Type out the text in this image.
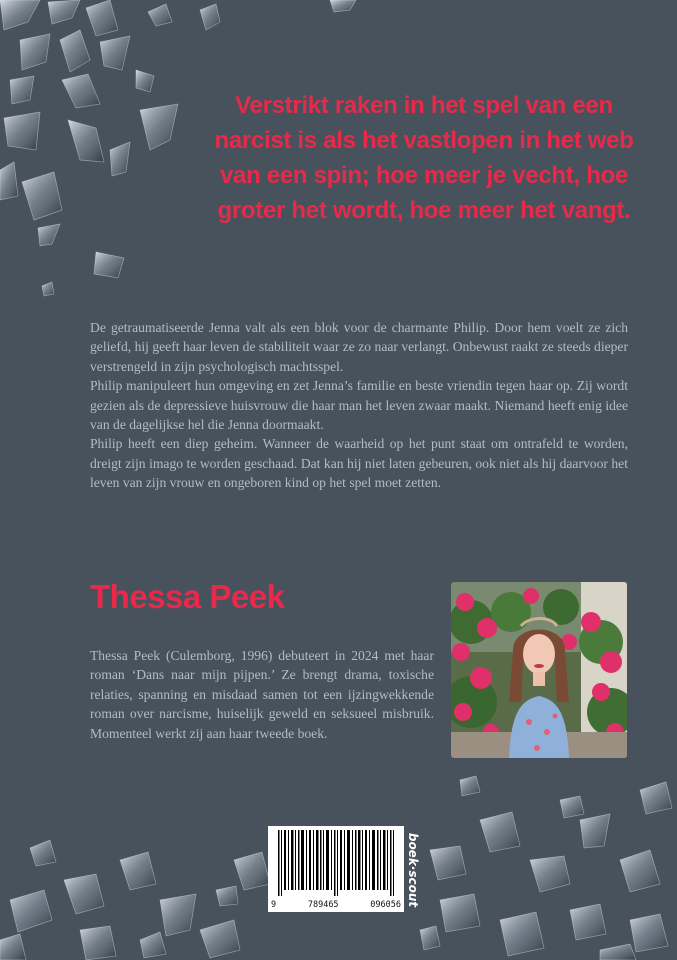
Verstrikt raken in het spel van een narcist is als het vastlopen in het web van een spin; hoe meer je vecht, hoe groter het wordt, hoe meer het vangt.

De getraumatiseerde Jenna valt als een blok voor de charmante Philip. Door hem voelt ze zich geliefd, hij geeft haar leven de stabiliteit waar ze zo naar verlangt. Onbewust raakt ze steeds dieper verstrengeld in zijn psychologisch machtsspel.

Philip manipuleert hun omgeving en zet Jenna’s familie en beste vriendin tegen haar op. Zij wordt gezien als de depressieve huisvrouw die haar man het leven zwaar maakt. Niemand heeft enig idee van de dagelijkse hel die Jenna doormaakt.

Philip heeft een diep geheim. Wanneer de waarheid op het punt staat om ontrafeld te worden, dreigt zijn imago te worden geschaad. Dat kan hij niet laten gebeuren, ook niet als hij daarvoor het leven van zijn vrouw en ongeboren kind op het spel moet zetten.

Thessa Peek
Thessa Peek (Culemborg, 1996) debuteert in 2024 met haar roman ‘Dans naar mijn pijpen.’ Ze brengt drama, toxische relaties, spanning en misdaad samen tot een ijzingwekkende roman over narcisme, huiselijk geweld en seksueel misbruik. Momenteel werkt zij aan haar tweede boek.
9	789465	096056 boek·scout
